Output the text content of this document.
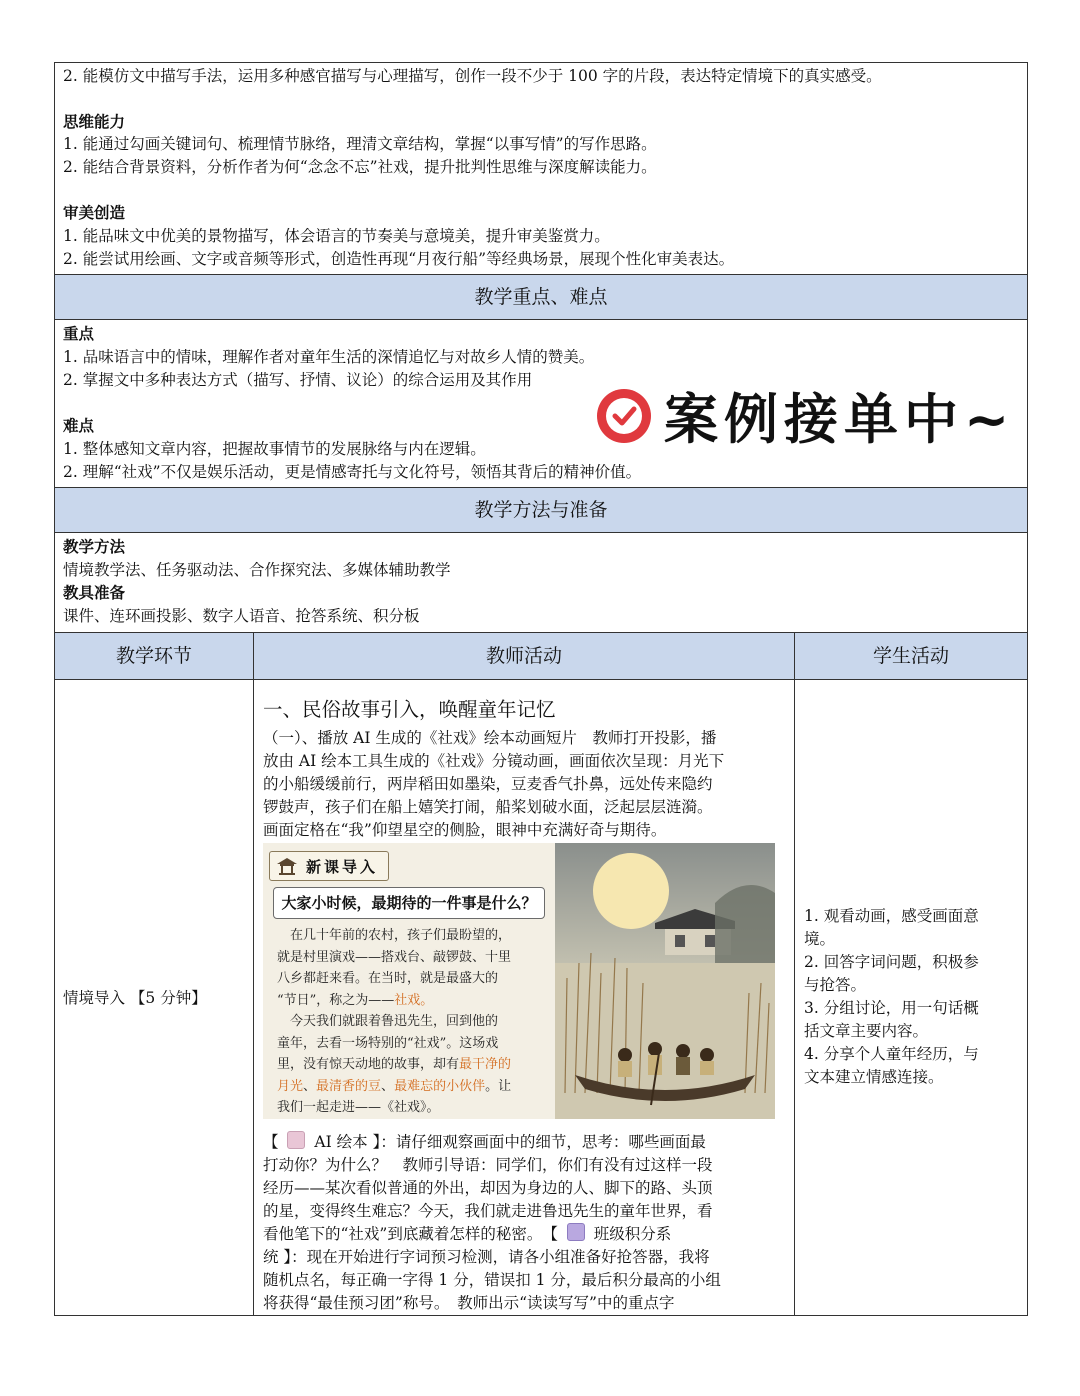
2. 能模仿文中描写手法，运用多种感官描写与心理描写，创作一段不少于 100 字的片段，表达特定情境下的真实感受。
思维能力
1. 能通过勾画关键词句、梳理情节脉络，理清文章结构，掌握“以事写情”的写作思路。
2. 能结合背景资料，分析作者为何“念念不忘”社戏，提升批判性思维与深度解读能力。
审美创造
1. 能品味文中优美的景物描写，体会语言的节奏美与意境美，提升审美鉴赏力。
2. 能尝试用绘画、文字或音频等形式，创造性再现“月夜行船”等经典场景，展现个性化审美表达。
教学重点、难点
重点
1. 品味语言中的情味，理解作者对童年生活的深情追忆与对故乡人情的赞美。
2. 掌握文中多种表达方式（描写、抒情、议论）的综合运用及其作用
难点
1. 整体感知文章内容，把握故事情节的发展脉络与内在逻辑。
2. 理解“社戏”不仅是娱乐活动，更是情感寄托与文化符号，领悟其背后的精神价值。
教学方法与准备
教学方法
情境教学法、任务驱动法、合作探究法、多媒体辅助教学
教具准备
课件、连环画投影、数字人语音、抢答系统、积分板
教学环节	教师活动	学生活动
情境导入 【5 分钟】
一、民俗故事引入，唤醒童年记忆
（一）、播放 AI 生成的《社戏》绘本动画短片　教师打开投影，播
放由 AI 绘本工具生成的《社戏》分镜动画，画面依次呈现：月光下
的小船缓缓前行，两岸稻田如墨染，豆麦香气扑鼻，远处传来隐约
锣鼓声，孩子们在船上嬉笑打闹，船桨划破水面，泛起层层涟漪。
画面定格在“我”仰望星空的侧脸，眼神中充满好奇与期待。
新课导入
大家小时候，最期待的一件事是什么？
　在几十年前的农村，孩子们最盼望的，
就是村里演戏——搭戏台、敲锣鼓、十里
八乡都赶来看。在当时，就是最盛大的
“节日”，称之为——社戏。
　今天我们就跟着鲁迅先生，回到他的
童年，去看一场特别的“社戏”。这场戏
里，没有惊天动地的故事，却有最干净的
月光、最清香的豆、最难忘的小伙伴。让
我们一起走进——《社戏》。
【 AI 绘本 】：请仔细观察画面中的细节，思考：哪些画面最
打动你？为什么？　教师引导语：同学们，你们有没有过这样一段
经历——某次看似普通的外出，却因为身边的人、脚下的路、头顶
的星，变得终生难忘？今天，我们就走进鲁迅先生的童年世界，看
看他笔下的“社戏”到底藏着怎样的秘密。　【 班级积分系
统 】：现在开始进行字词预习检测，请各小组准备好抢答器，我将
随机点名，每正确一字得 1 分，错误扣 1 分，最后积分最高的小组
将获得“最佳预习团”称号。　教师出示“读读写写”中的重点字
1. 观看动画，感受画面意
境。
2. 回答字词问题，积极参
与抢答。
3. 分组讨论，用一句话概
括文章主要内容。
4. 分享个人童年经历，与
文本建立情感连接。
案例接单中~
